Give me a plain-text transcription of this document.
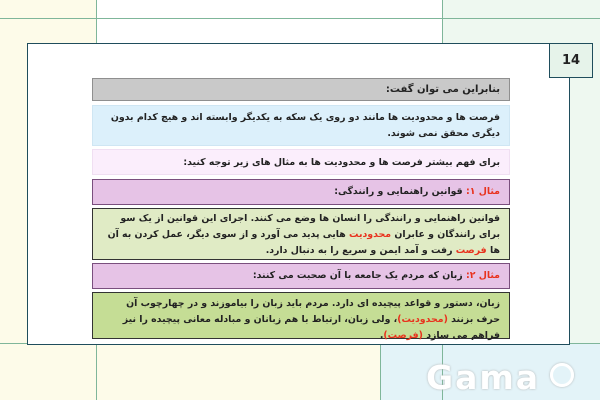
14
بنابراین می توان گفت:
فرصت ها و محدودیت ها مانند دو روی یک سکه به یکدیگر وابسته اند و هیچ کدام بدون دیگری محقق نمی شوند.
برای فهم بیشتر فرصت ها و محدودیت ها به مثال های زیر توجه کنید:
مثال ۱: قوانین راهنمایی و رانندگی:
قوانین راهنمایی و رانندگی را انسان ها وضع می کنند. اجرای این قوانین از یک سو برای رانندگان و عابران محدودیت هایی پدید می آورد و از سوی دیگر، عمل کردن به آن ها فرصت رفت و آمد ایمن و سریع را به دنبال دارد.
مثال ۲: زبان که مردم یک جامعه با آن صحبت می کنند:
زبان، دستور و قواعد پیچیده ای دارد. مردم باید زبان را بیاموزند و در چهارچوب آن حرف بزنند (محدودیت)، ولی زبان، ارتباط با هم زبانان و مبادله معانی پیچیده را نیز فراهم می سازد (فرصت).
Gama
